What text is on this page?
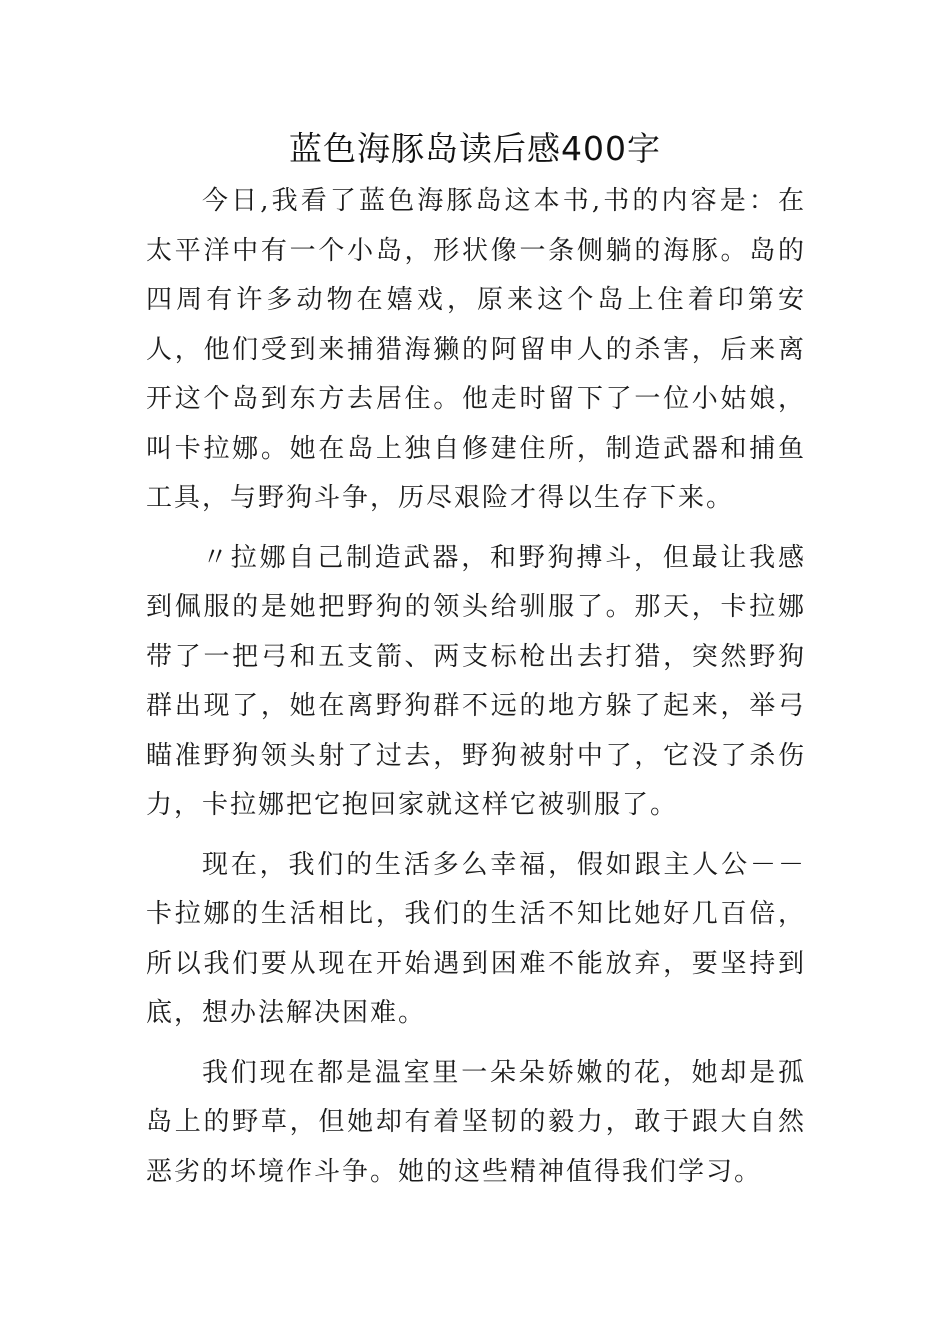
蓝色海豚岛读后感400字

今日,我看了蓝色海豚岛这本书,书的内容是：在太平洋中有一个小岛，形状像一条侧躺的海豚。岛的四周有许多动物在嬉戏，原来这个岛上住着印第安人，他们受到来捕猎海獭的阿留申人的杀害，后来离开这个岛到东方去居住。他走时留下了一位小姑娘，叫卡拉娜。她在岛上独自修建住所，制造武器和捕鱼工具，与野狗斗争，历尽艰险才得以生存下来。

〃拉娜自己制造武器，和野狗搏斗，但最让我感到佩服的是她把野狗的领头给驯服了。那天，卡拉娜带了一把弓和五支箭、两支标枪出去打猎，突然野狗群出现了，她在离野狗群不远的地方躲了起来，举弓瞄准野狗领头射了过去，野狗被射中了，它没了杀伤力，卡拉娜把它抱回家就这样它被驯服了。

现在，我们的生活多么幸福，假如跟主人公－－卡拉娜的生活相比，我们的生活不知比她好几百倍，所以我们要从现在开始遇到困难不能放弃，要坚持到底，想办法解决困难。

我们现在都是温室里一朵朵娇嫩的花，她却是孤岛上的野草，但她却有着坚韧的毅力，敢于跟大自然恶劣的坏境作斗争。她的这些精神值得我们学习。
